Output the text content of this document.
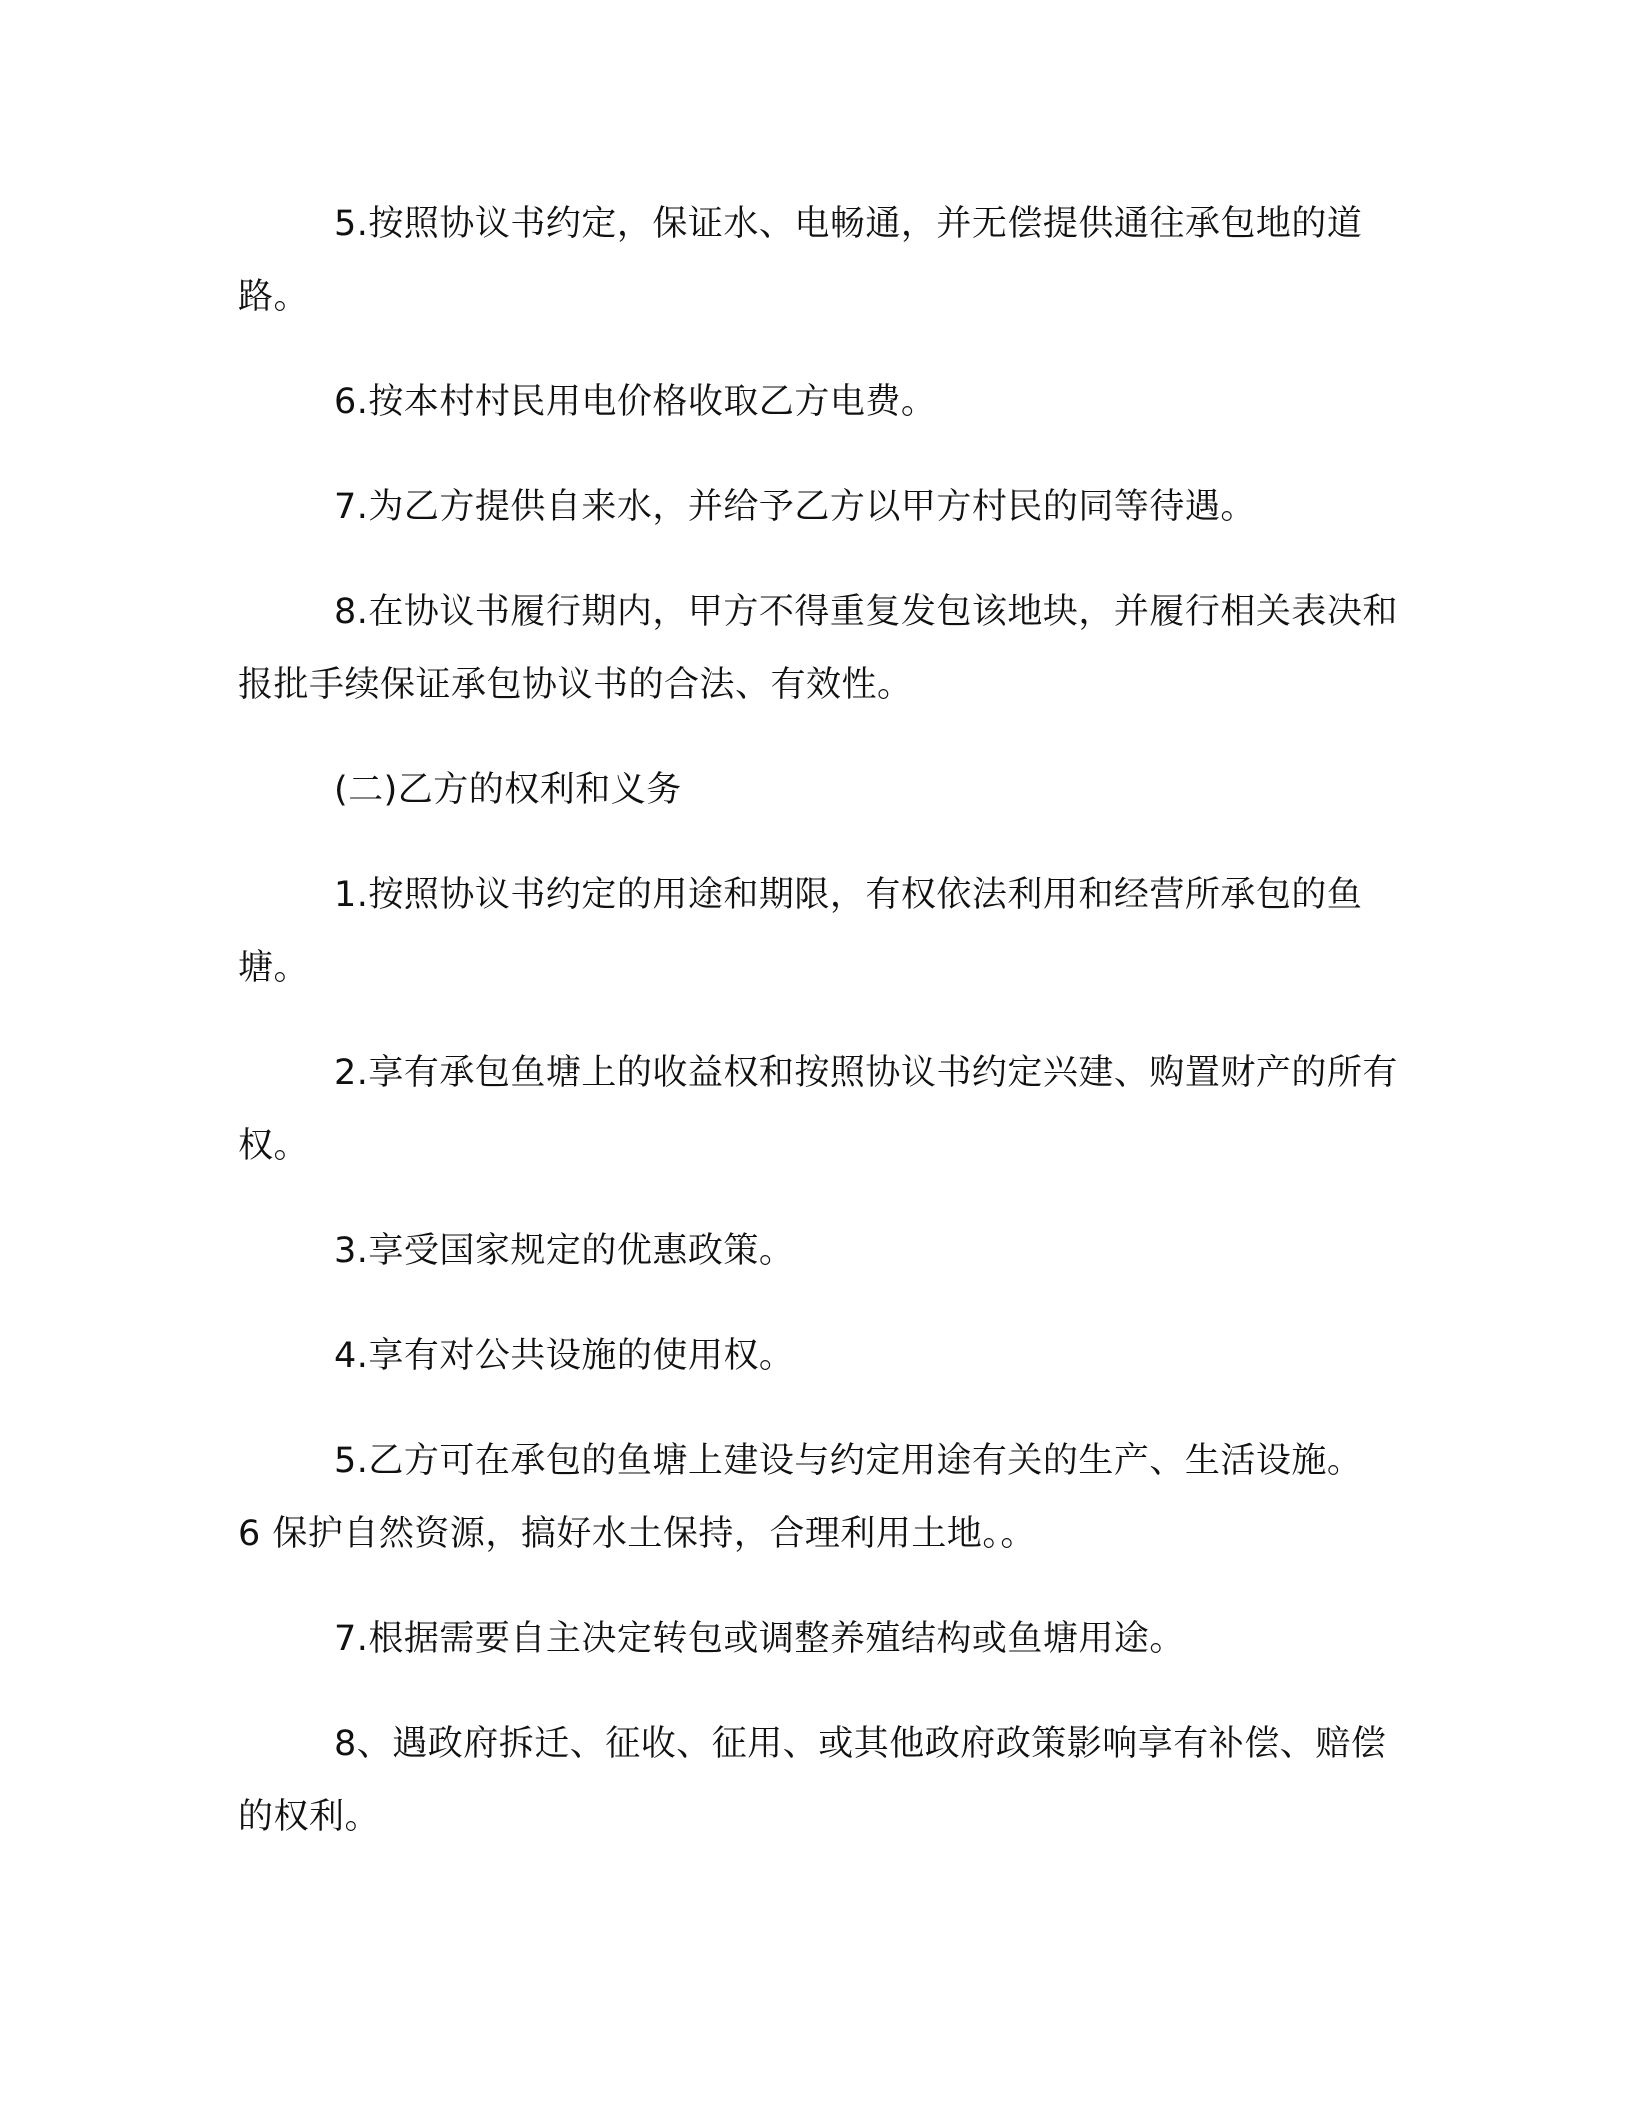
5.按照协议书约定，保证水、电畅通，并无偿提供通往承包地的道路。

6.按本村村民用电价格收取乙方电费。

7.为乙方提供自来水，并给予乙方以甲方村民的同等待遇。

8.在协议书履行期内，甲方不得重复发包该地块，并履行相关表决和报批手续保证承包协议书的合法、有效性。

(二)乙方的权利和义务

1.按照协议书约定的用途和期限，有权依法利用和经营所承包的鱼塘。

2.享有承包鱼塘上的收益权和按照协议书约定兴建、购置财产的所有权。

3.享受国家规定的优惠政策。

4.享有对公共设施的使用权。

5.乙方可在承包的鱼塘上建设与约定用途有关的生产、生活设施。

6 保护自然资源，搞好水土保持，合理利用土地。。

7.根据需要自主决定转包或调整养殖结构或鱼塘用途。

8、遇政府拆迁、征收、征用、或其他政府政策影响享有补偿、赔偿的权利。
